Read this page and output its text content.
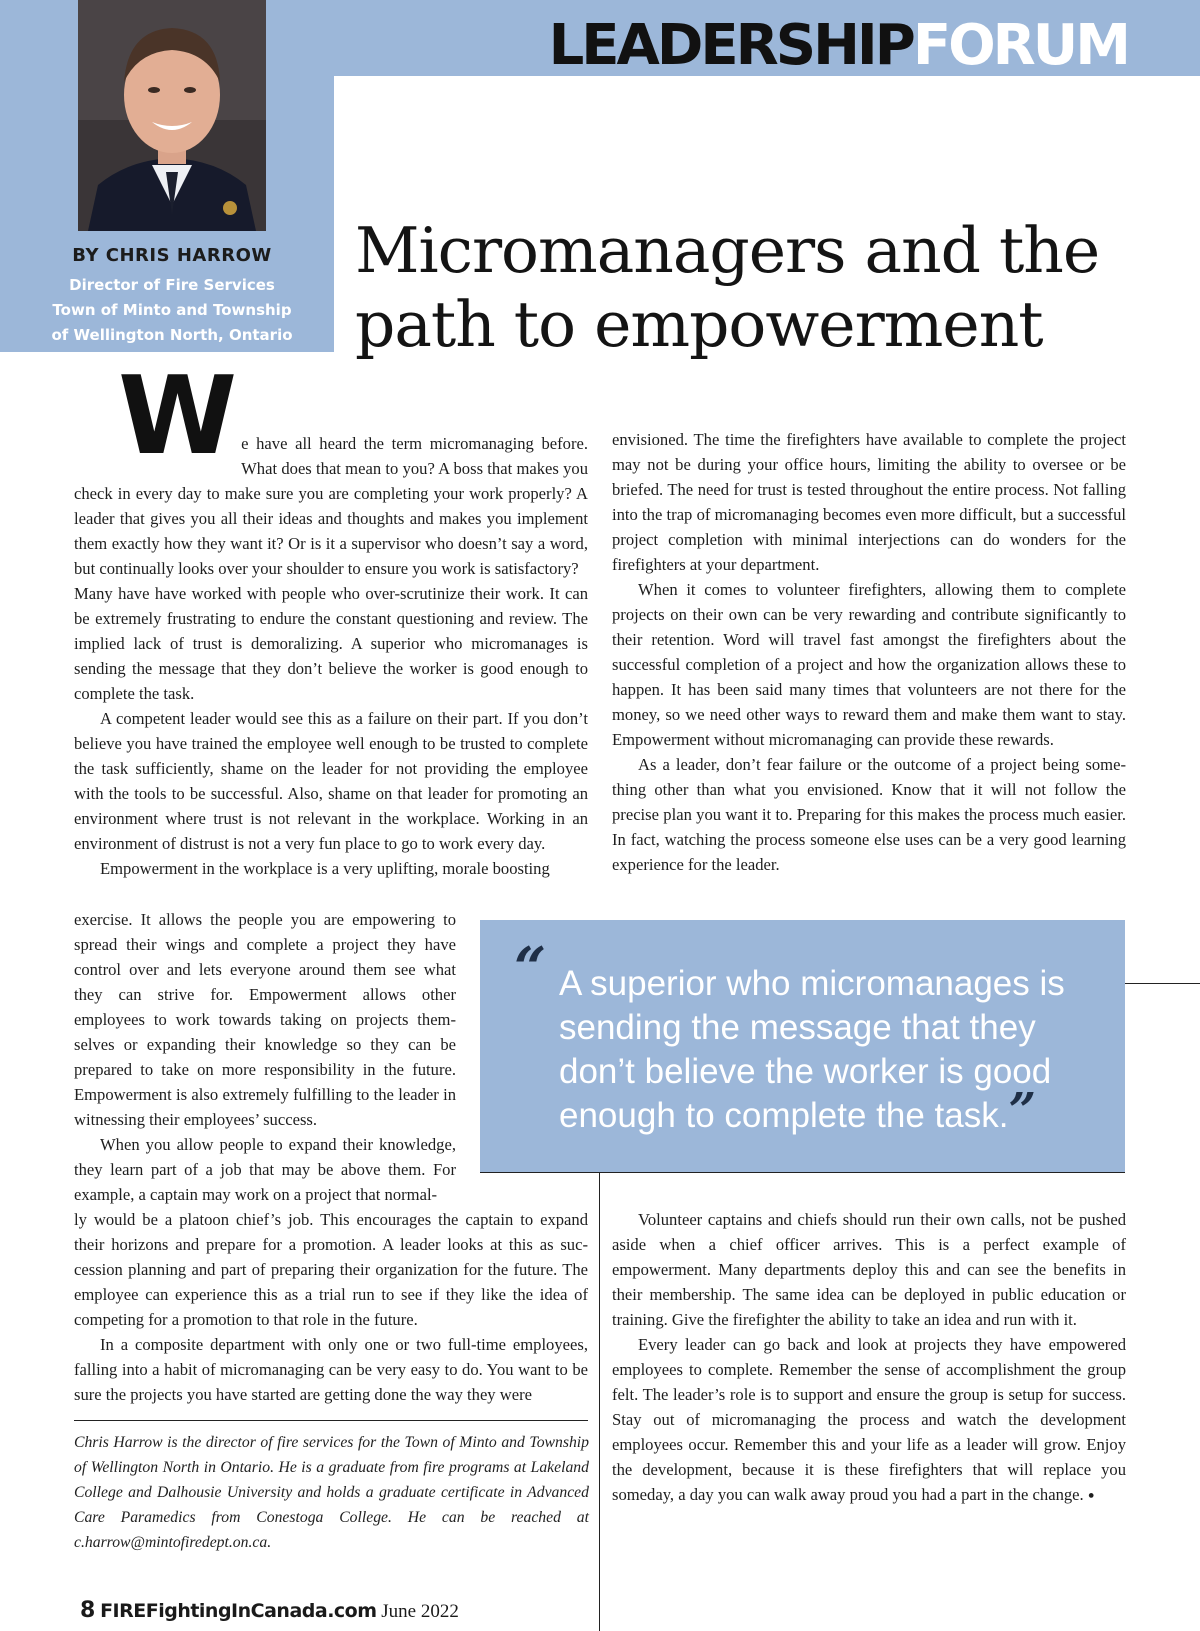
LEADERSHIPFORUM
BY CHRIS HARROW
Director of Fire Services
Town of Minto and Township
of Wellington North, Ontario
Micromanagers and the
path to empowerment

We have all heard the term micromanaging before. What does that mean to you? A boss that makes you check in every day to make sure you are completing your work properly? A leader that gives you all their ideas and thoughts and makes you implement them exactly how they want it? Or is it a supervisor who doesn’t say a word, but continually looks over your shoulder to ensure you work is satisfactory?

Many have have worked with people who over-scrutinize their work. It can be extremely frustrating to endure the constant questioning and review. The implied lack of trust is demoralizing. A superior who micromanages is sending the message that they don’t believe the worker is good enough to complete the task.

A competent leader would see this as a failure on their part. If you don’t believe you have trained the employee well enough to be trusted to complete the task sufficiently, shame on the leader for not providing the employee with the tools to be successful. Also, shame on that leader for promoting an environment where trust is not relevant in the workplace. Working in an environment of distrust is not a very fun place to go to work every day.

Empowerment in the workplace is a very uplifting, morale boosting

exercise. It allows the people you are empowering to spread their wings and complete a project they have control over and lets everyone around them see what they can strive for. Empowerment allows other employees to work towards taking on projects themselves or expanding their knowledge so they can be prepared to take on more responsibility in the future. Empowerment is also extremely fulfilling to the leader in witnessing their employees’ success.

When you allow people to expand their knowledge, they learn part of a job that may be above them. For example, a captain may work on a project that normal-

ly would be a platoon chief’s job. This encourages the captain to expand their horizons and prepare for a promotion. A leader looks at this as succession planning and part of preparing their organization for the future. The employee can experience this as a trial run to see if they like the idea of competing for a promotion to that role in the future.

In a composite department with only one or two full-time employees, falling into a habit of micromanaging can be very easy to do. You want to be sure the projects you have started are getting done the way they were

Chris Harrow is the director of fire services for the Town of Minto and Township of Wellington North in Ontario. He is a graduate from fire programs at Lakeland College and Dalhousie University and holds a graduate certificate in Advanced Care Paramedics from Conestoga College. He can be reached at c.harrow@mintofiredept.on.ca.

envisioned. The time the firefighters have available to complete the project may not be during your office hours, limiting the ability to oversee or be briefed. The need for trust is tested throughout the entire process. Not falling into the trap of micromanaging becomes even more difficult, but a successful project completion with minimal interjections can do wonders for the firefighters at your department.

When it comes to volunteer firefighters, allowing them to complete projects on their own can be very rewarding and contribute significantly to their retention. Word will travel fast amongst the firefighters about the successful completion of a project and how the organization allows these to happen. It has been said many times that volunteers are not there for the money, so we need other ways to reward them and make them want to stay. Empowerment without micromanaging can provide these rewards.

As a leader, don’t fear failure or the outcome of a project being something other than what you envisioned. Know that it will not follow the precise plan you want it to. Preparing for this makes the process much easier. In fact, watching the process someone else uses can be a very good learning experience for the leader.

“ A superior who micromanages is sending the message that they don’t believe the worker is good enough to complete the task.”

Volunteer captains and chiefs should run their own calls, not be pushed aside when a chief officer arrives. This is a perfect example of empowerment. Many departments deploy this and can see the benefits in their membership. The same idea can be deployed in public education or training. Give the firefighter the ability to take an idea and run with it.

Every leader can go back and look at projects they have empowered employees to complete. Remember the sense of accomplishment the group felt. The leader’s role is to support and ensure the group is setup for success. Stay out of micromanaging the process and watch the development employees occur. Remember this and your life as a leader will grow. Enjoy the development, because it is these firefighters that will replace you someday, a day you can walk away proud you had a part in the change. ●

8 FIREFightingInCanada.com June 2022
